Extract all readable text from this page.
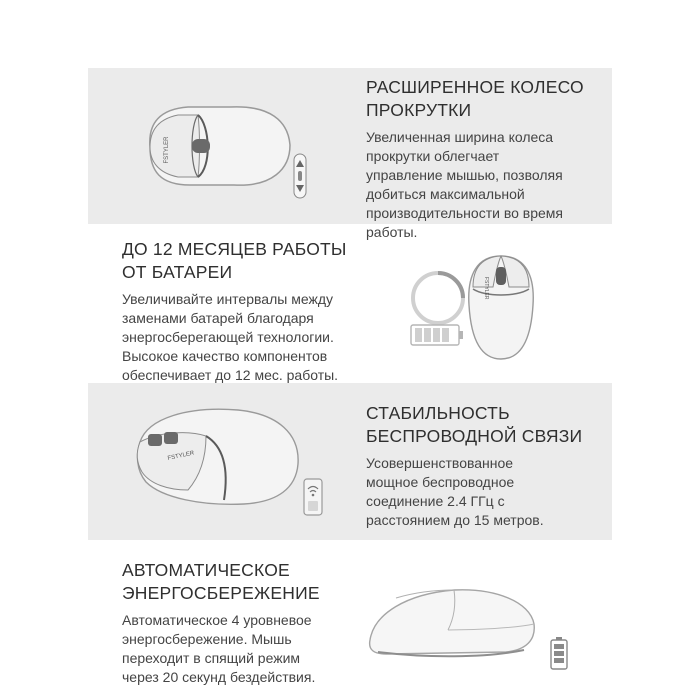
РАСШИРЕННОЕ КОЛЕСО
ПРОКРУТКИ
Увеличенная ширина колеса
прокрутки облегчает
управление мышью, позволяя
добиться максимальной
производительности во время
работы.
ДО 12 МЕСЯЦЕВ РАБОТЫ
ОТ БАТАРЕИ
Увеличивайте интервалы между
заменами батарей благодаря
энергосберегающей технологии.
Высокое качество компонентов
обеспечивает до 12 мес. работы.
СТАБИЛЬНОСТЬ
БЕСПРОВОДНОЙ СВЯЗИ
Усовершенствованное
мощное беспроводное
соединение 2.4 ГГц с
расстоянием до 15 метров.
АВТОМАТИЧЕСКОЕ
ЭНЕРГОСБЕРЕЖЕНИЕ
Автоматическое 4 уровневое
энергосбережение. Мышь
переходит в спящий режим
через 20 секунд бездействия.
FSTYLER
FSTYLER
FSTYLER
